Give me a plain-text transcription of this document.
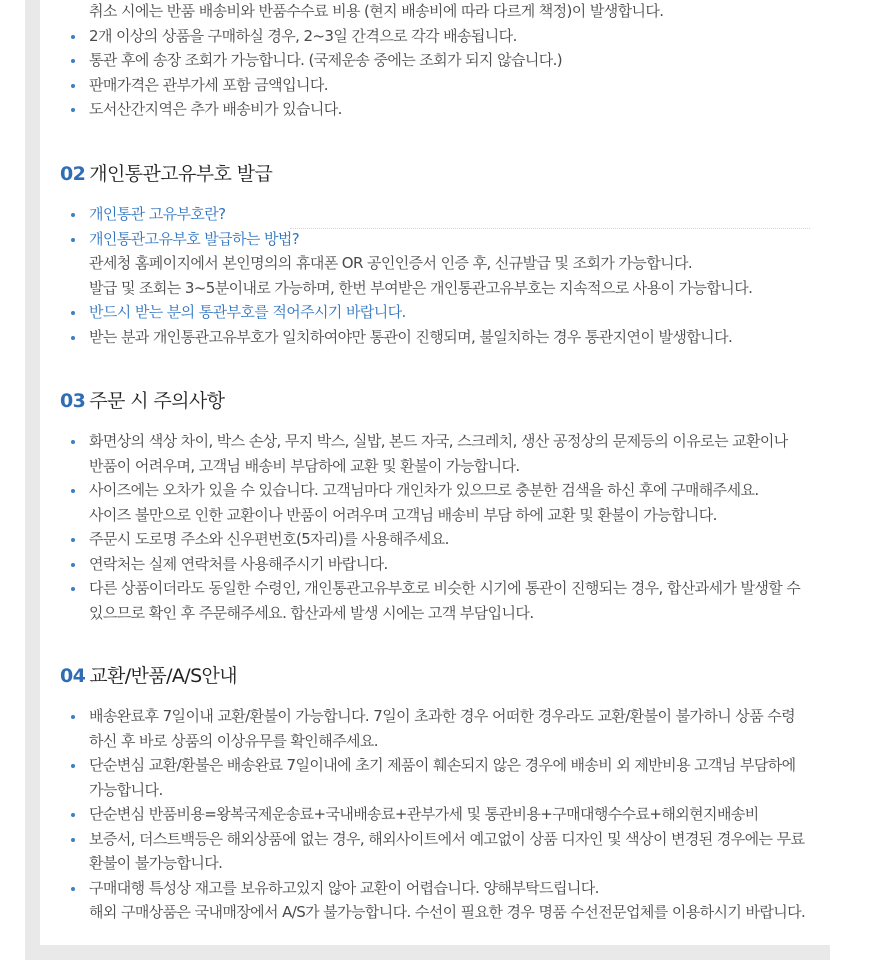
취소 시에는 반품 배송비와 반품수수료 비용 (현지 배송비에 따라 다르게 책정)이 발생합니다.
2개 이상의 상품을 구매하실 경우, 2~3일 간격으로 각각 배송됩니다.
통관 후에 송장 조회가 가능합니다. (국제운송 중에는 조회가 되지 않습니다.)
판매가격은 관부가세 포함 금액입니다.
도서산간지역은 추가 배송비가 있습니다.
02 개인통관고유부호 발급
개인통관 고유부호란?
개인통관고유부호 발급하는 방법?
관세청 홈페이지에서 본인명의의 휴대폰 OR 공인인증서 인증 후, 신규발급 및 조회가 가능합니다.
발급 및 조회는 3~5분이내로 가능하며, 한번 부여받은 개인통관고유부호는 지속적으로 사용이 가능합니다.
반드시 받는 분의 통관부호를 적어주시기 바랍니다.
받는 분과 개인통관고유부호가 일치하여야만 통관이 진행되며, 불일치하는 경우 통관지연이 발생합니다.
03 주문 시 주의사항
화면상의 색상 차이, 박스 손상, 무지 박스, 실밥, 본드 자국, 스크레치, 생산 공정상의 문제등의 이유로는 교환이나
반품이 어려우며, 고객님 배송비 부담하에 교환 및 환불이 가능합니다.
사이즈에는 오차가 있을 수 있습니다. 고객님마다 개인차가 있으므로 충분한 검색을 하신 후에 구매해주세요.
사이즈 불만으로 인한 교환이나 반품이 어려우며 고객님 배송비 부담 하에 교환 및 환불이 가능합니다.
주문시 도로명 주소와 신우편번호(5자리)를 사용해주세요.
연락처는 실제 연락처를 사용해주시기 바랍니다.
다른 상품이더라도 동일한 수령인, 개인통관고유부호로 비슷한 시기에 통관이 진행되는 경우, 합산과세가 발생할 수
있으므로 확인 후 주문해주세요. 합산과세 발생 시에는 고객 부담입니다.
04 교환/반품/A/S안내
배송완료후 7일이내 교환/환불이 가능합니다. 7일이 초과한 경우 어떠한 경우라도 교환/환불이 불가하니 상품 수령
하신 후 바로 상품의 이상유무를 확인해주세요.
단순변심 교환/환불은 배송완료 7일이내에 초기 제품이 훼손되지 않은 경우에 배송비 외 제반비용 고객님 부담하에
가능합니다.
단순변심 반품비용=왕복국제운송료+국내배송료+관부가세 및 통관비용+구매대행수수료+해외현지배송비
보증서, 더스트백등은 해외상품에 없는 경우, 해외사이트에서 예고없이 상품 디자인 및 색상이 변경된 경우에는 무료
환불이 불가능합니다.
구매대행 특성상 재고를 보유하고있지 않아 교환이 어렵습니다. 양해부탁드립니다.
해외 구매상품은 국내매장에서 A/S가 불가능합니다. 수선이 필요한 경우 명품 수선전문업체를 이용하시기 바랍니다.
